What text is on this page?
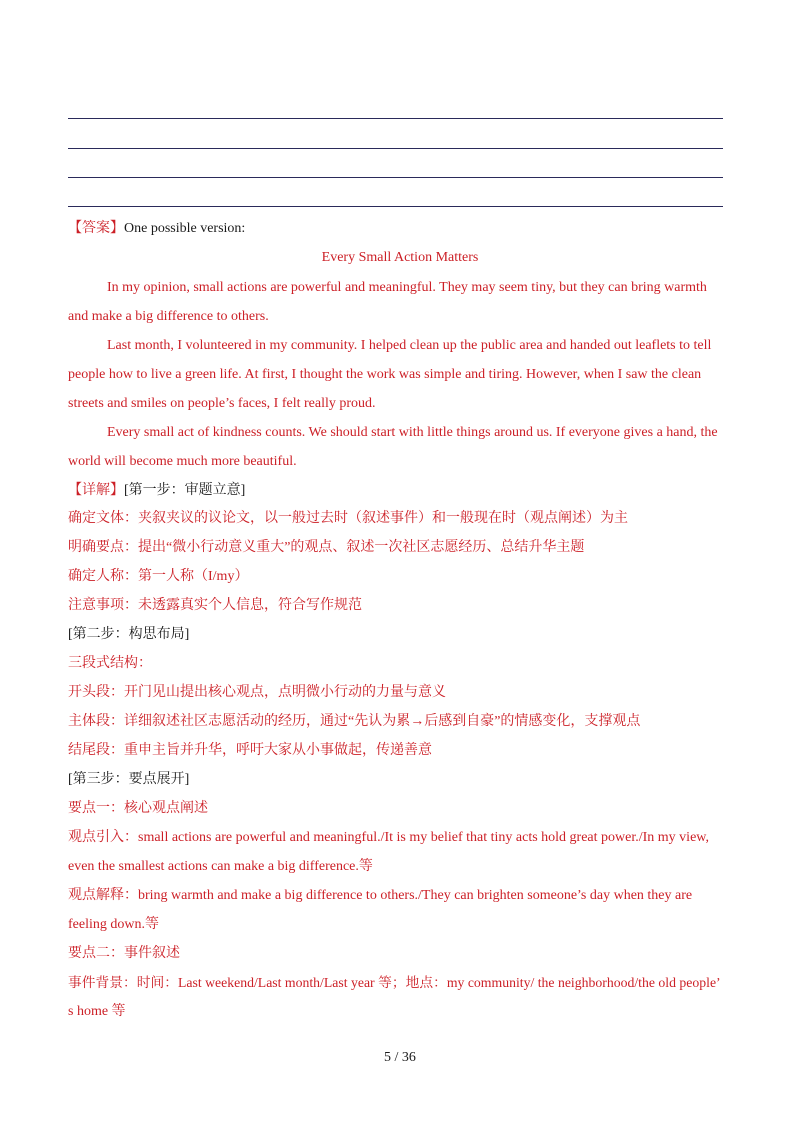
【答案】One possible version:
Every Small Action Matters
In my opinion, small actions are powerful and meaningful. They may seem tiny, but they can bring warmth
and make a big difference to others.
Last month, I volunteered in my community. I helped clean up the public area and handed out leaflets to tell
people how to live a green life. At first, I thought the work was simple and tiring. However, when I saw the clean
streets and smiles on people’s faces, I felt really proud.
Every small act of kindness counts. We should start with little things around us. If everyone gives a hand, the
world will become much more beautiful.
【详解】[第一步：审题立意]
确定文体：夹叙夹议的议论文，以一般过去时（叙述事件）和一般现在时（观点阐述）为主
明确要点：提出“微小行动意义重大”的观点、叙述一次社区志愿经历、总结升华主题
确定人称：第一人称（I/my）
注意事项：未透露真实个人信息，符合写作规范
[第二步：构思布局]
三段式结构：
开头段：开门见山提出核心观点，点明微小行动的力量与意义
主体段：详细叙述社区志愿活动的经历，通过“先认为累→后感到自豪”的情感变化，支撑观点
结尾段：重申主旨并升华，呼吁大家从小事做起，传递善意
[第三步：要点展开]
要点一：核心观点阐述
观点引入：small actions are powerful and meaningful./It is my belief that tiny acts hold great power./In my view,
even the smallest actions can make a big difference.等
观点解释：bring warmth and make a big difference to others./They can brighten someone’s day when they are
feeling down.等
要点二：事件叙述
事件背景：时间：Last weekend/Last month/Last year 等；地点：my community/ the neighborhood/the old people’
s home 等
5 / 36
